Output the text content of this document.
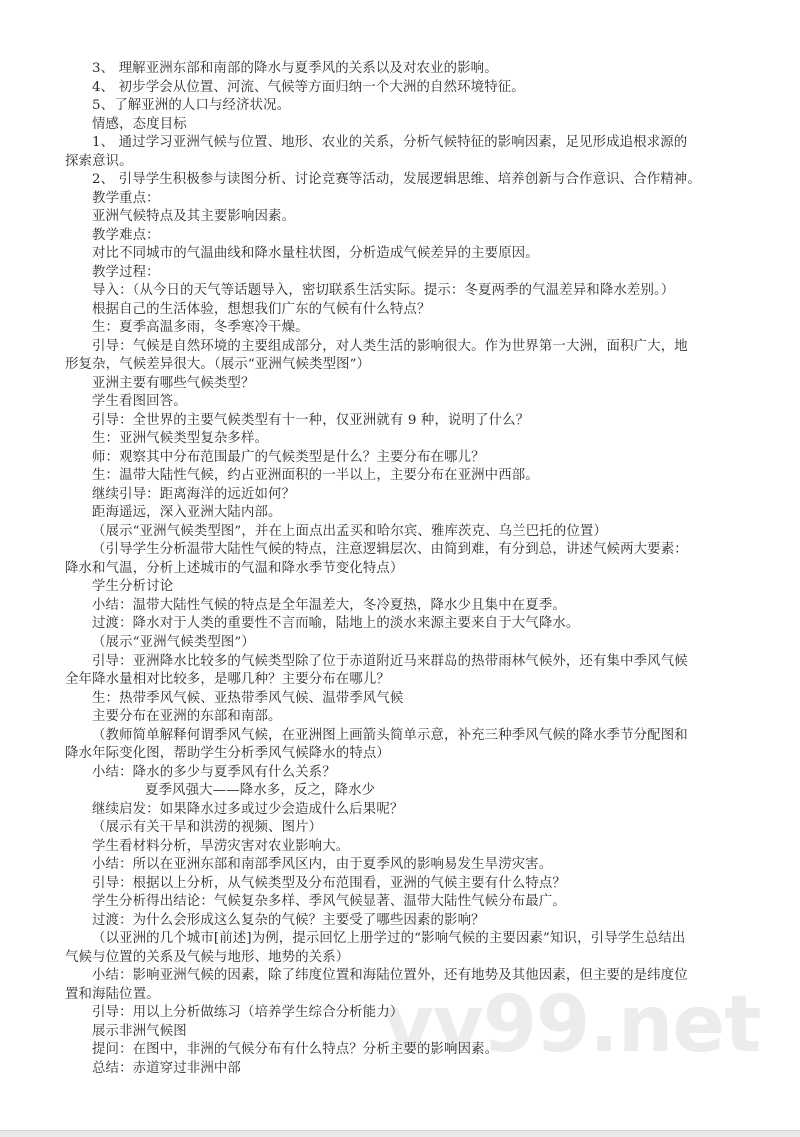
vv99.net
3、 理解亚洲东部和南部的降水与夏季风的关系以及对农业的影响。
4、 初步学会从位置、河流、气候等方面归纳一个大洲的自然环境特征。
5、了解亚洲的人口与经济状况。
情感，态度目标
1、 通过学习亚洲气候与位置、地形、农业的关系，分析气候特征的影响因素，足见形成追根求源的
探索意识。
2、 引导学生积极参与读图分析、讨论竞赛等活动，发展逻辑思维、培养创新与合作意识、合作精神。
教学重点：
亚洲气候特点及其主要影响因素。
教学难点：
对比不同城市的气温曲线和降水量柱状图，分析造成气候差异的主要原因。
教学过程：
导入：（从今日的天气等话题导入，密切联系生活实际。提示：冬夏两季的气温差异和降水差别。）
根据自己的生活体验，想想我们广东的气候有什么特点？
生：夏季高温多雨，冬季寒冷干燥。
引导：气候是自然环境的主要组成部分，对人类生活的影响很大。作为世界第一大洲，面积广大，地
形复杂，气候差异很大。（展示“亚洲气候类型图”）
亚洲主要有哪些气候类型？
学生看图回答。
引导：全世界的主要气候类型有十一种，仅亚洲就有 9 种，说明了什么？
生：亚洲气候类型复杂多样。
师：观察其中分布范围最广的气候类型是什么？主要分布在哪儿？
生：温带大陆性气候，约占亚洲面积的一半以上，主要分布在亚洲中西部。
继续引导：距离海洋的远近如何？
距海遥远，深入亚洲大陆内部。
（展示“亚洲气候类型图”，并在上面点出孟买和哈尔宾、雅库茨克、乌兰巴托的位置）
（引导学生分析温带大陆性气候的特点，注意逻辑层次、由简到难，有分到总，讲述气候两大要素：
降水和气温，分析上述城市的气温和降水季节变化特点）
学生分析讨论
小结：温带大陆性气候的特点是全年温差大，冬冷夏热，降水少且集中在夏季。
过渡：降水对于人类的重要性不言而喻，陆地上的淡水来源主要来自于大气降水。
（展示“亚洲气候类型图”）
引导：亚洲降水比较多的气候类型除了位于赤道附近马来群岛的热带雨林气候外，还有集中季风气候
全年降水量相对比较多，是哪几种？主要分布在哪儿？
生：热带季风气候、亚热带季风气候、温带季风气候
主要分布在亚洲的东部和南部。
（教师简单解释何谓季风气候，在亚洲图上画箭头简单示意，补充三种季风气候的降水季节分配图和
降水年际变化图，帮助学生分析季风气候降水的特点）
小结：降水的多少与夏季风有什么关系？
夏季风强大——降水多，反之，降水少
继续启发：如果降水过多或过少会造成什么后果呢？
（展示有关干旱和洪涝的视频、图片）
学生看材料分析，旱涝灾害对农业影响大。
小结：所以在亚洲东部和南部季风区内，由于夏季风的影响易发生旱涝灾害。
引导：根据以上分析，从气候类型及分布范围看，亚洲的气候主要有什么特点？
学生分析得出结论：气候复杂多样、季风气候显著、温带大陆性气候分布最广。
过渡：为什么会形成这么复杂的气候？主要受了哪些因素的影响？
（以亚洲的几个城市[前述]为例，提示回忆上册学过的“影响气候的主要因素”知识，引导学生总结出
气候与位置的关系及气候与地形、地势的关系）
小结：影响亚洲气候的因素，除了纬度位置和海陆位置外，还有地势及其他因素，但主要的是纬度位
置和海陆位置。
引导：用以上分析做练习（培养学生综合分析能力）
展示非洲气候图
提问：在图中，非洲的气候分布有什么特点？分析主要的影响因素。
总结：赤道穿过非洲中部
